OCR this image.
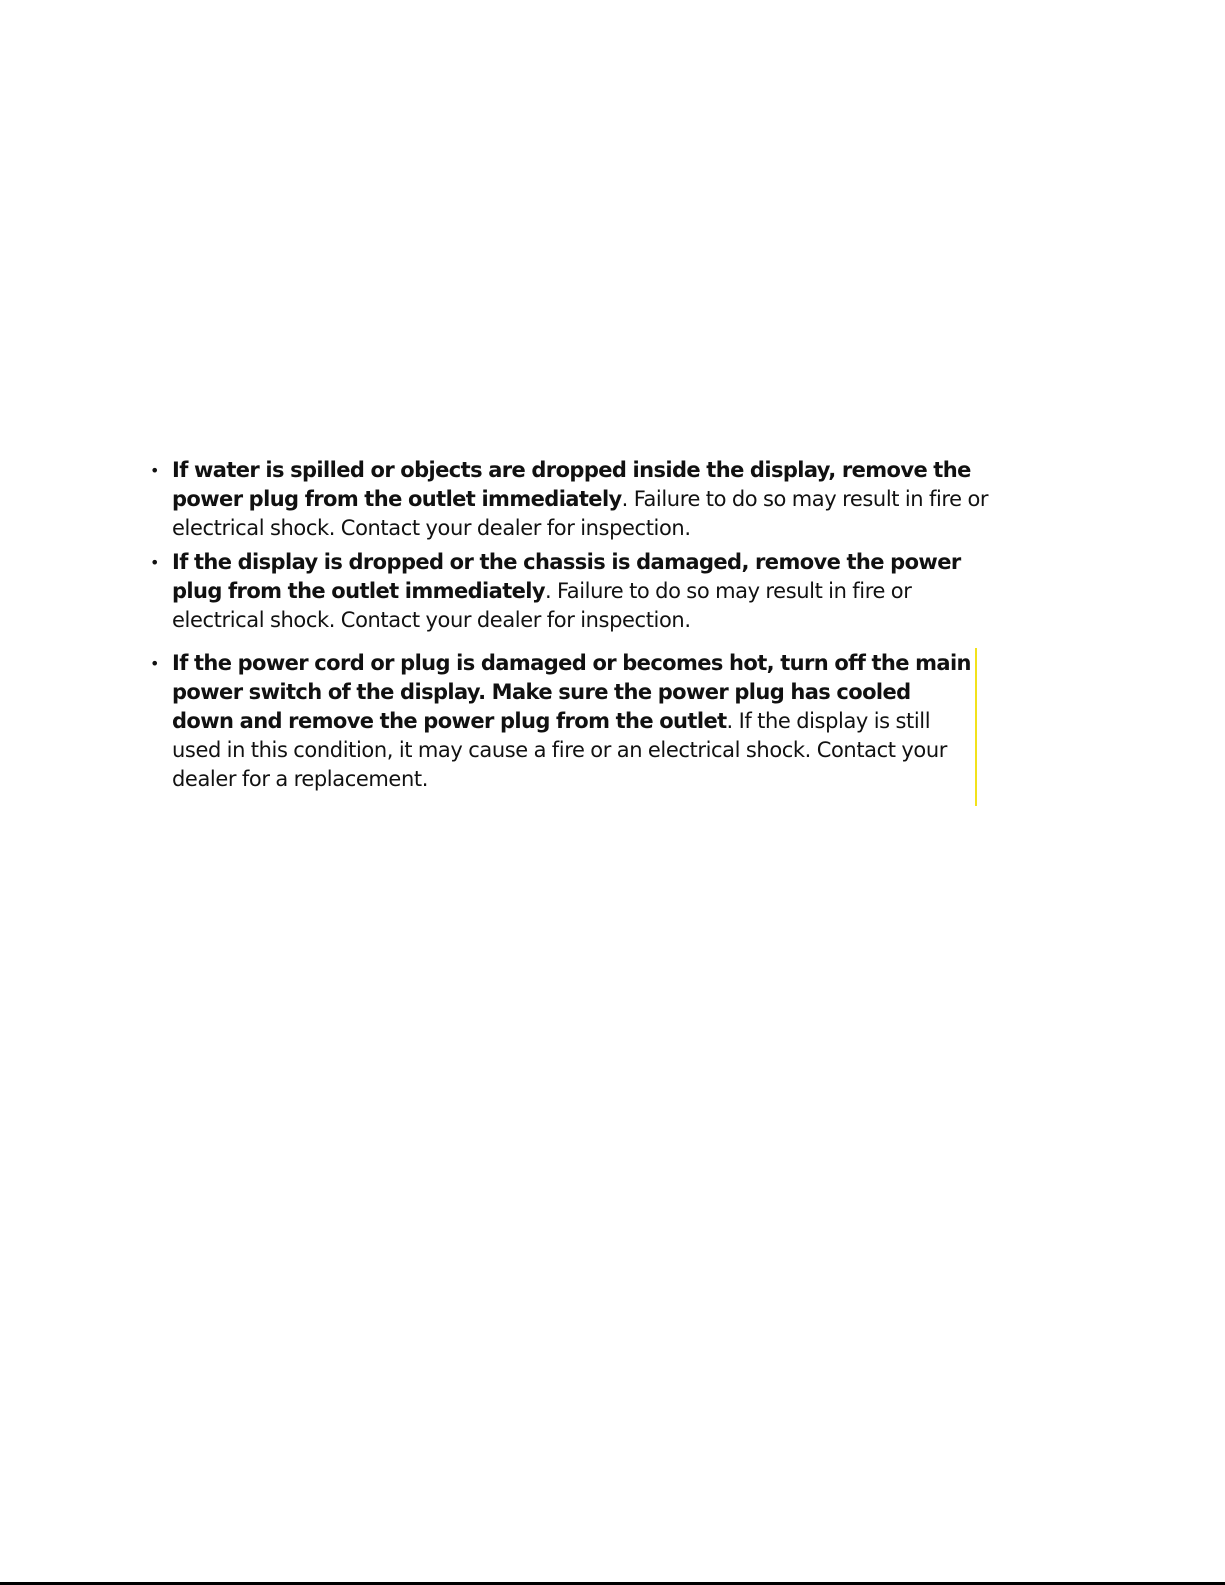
• If water is spilled or objects are dropped inside the display, remove the power plug from the outlet immediately. Failure to do so may result in fire or electrical shock. Contact your dealer for inspection.
• If the display is dropped or the chassis is damaged, remove the power plug from the outlet immediately. Failure to do so may result in fire or electrical shock. Contact your dealer for inspection.
• If the power cord or plug is damaged or becomes hot, turn off the main power switch of the display. Make sure the power plug has cooled down and remove the power plug from the outlet. If the display is still used in this condition, it may cause a fire or an electrical shock. Contact your dealer for a replacement.
